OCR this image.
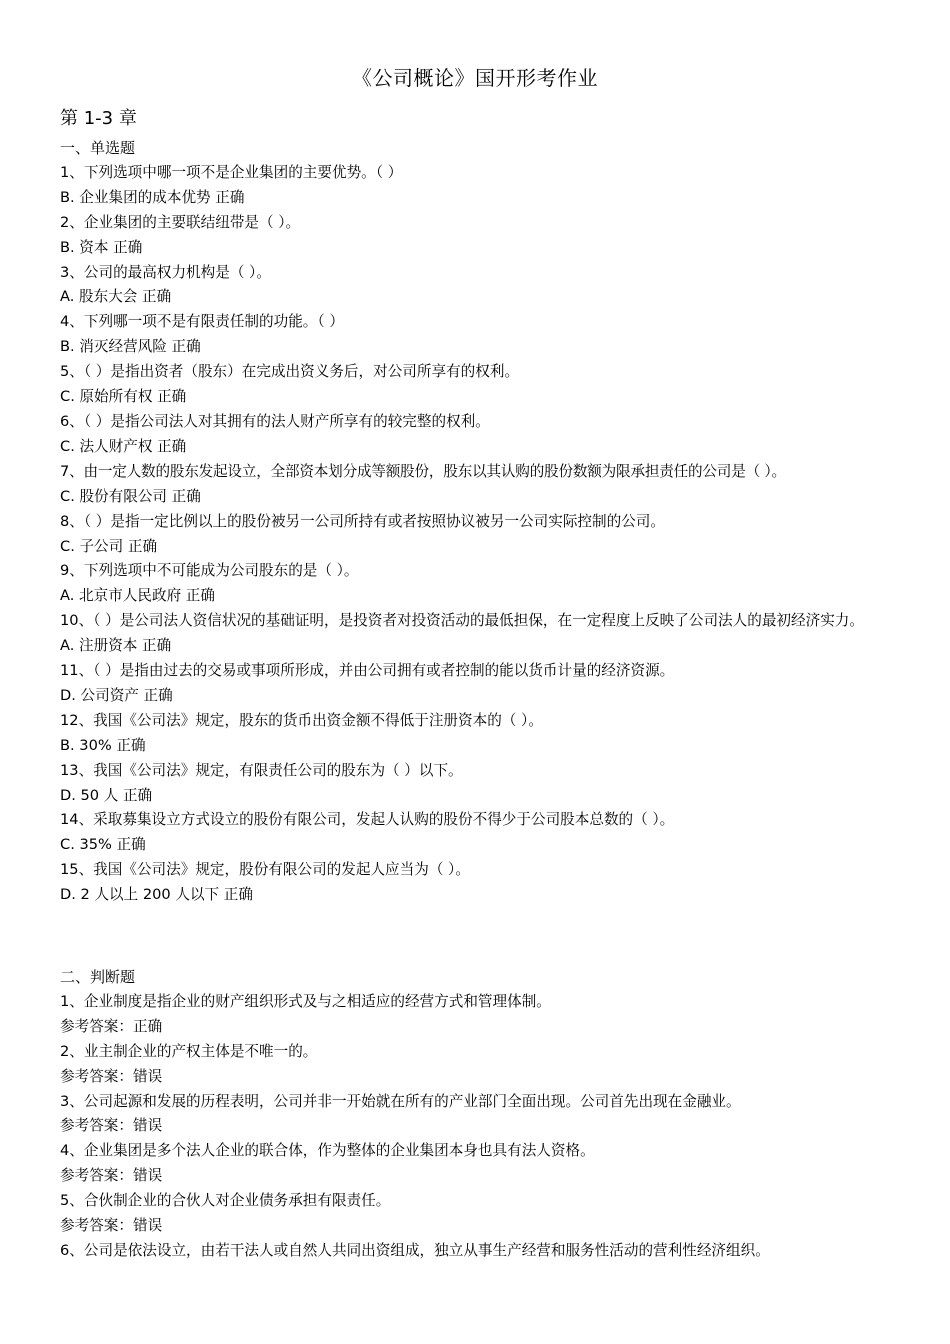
《公司概论》国开形考作业
第 1-3 章
一、单选题
1、下列选项中哪一项不是企业集团的主要优势。（ ）
B. 企业集团的成本优势 正确
2、企业集团的主要联结纽带是（ ）。
B. 资本 正确
3、公司的最高权力机构是（ ）。
A. 股东大会 正确
4、下列哪一项不是有限责任制的功能。（ ）
B. 消灭经营风险 正确
5、（ ）是指出资者（股东）在完成出资义务后，对公司所享有的权利。
C. 原始所有权 正确
6、（ ）是指公司法人对其拥有的法人财产所享有的较完整的权利。
C. 法人财产权 正确
7、由一定人数的股东发起设立，全部资本划分成等额股份，股东以其认购的股份数额为限承担责任的公司是（ ）。
C. 股份有限公司 正确
8、（ ）是指一定比例以上的股份被另一公司所持有或者按照协议被另一公司实际控制的公司。
C. 子公司 正确
9、下列选项中不可能成为公司股东的是（ ）。
A. 北京市人民政府 正确
10、（ ）是公司法人资信状况的基础证明，是投资者对投资活动的最低担保，在一定程度上反映了公司法人的最初经济实力。
A. 注册资本 正确
11、（ ）是指由过去的交易或事项所形成，并由公司拥有或者控制的能以货币计量的经济资源。
D. 公司资产 正确
12、我国《公司法》规定，股东的货币出资金额不得低于注册资本的（ ）。
B. 30% 正确
13、我国《公司法》规定，有限责任公司的股东为（ ）以下。
D. 50 人 正确
14、采取募集设立方式设立的股份有限公司，发起人认购的股份不得少于公司股本总数的（ ）。
C. 35% 正确
15、我国《公司法》规定，股份有限公司的发起人应当为（ ）。
D. 2 人以上 200 人以下 正确
二、判断题
1、企业制度是指企业的财产组织形式及与之相适应的经营方式和管理体制。
参考答案：正确
2、业主制企业的产权主体是不唯一的。
参考答案：错误
3、公司起源和发展的历程表明，公司并非一开始就在所有的产业部门全面出现。公司首先出现在金融业。
参考答案：错误
4、企业集团是多个法人企业的联合体，作为整体的企业集团本身也具有法人资格。
参考答案：错误
5、合伙制企业的合伙人对企业债务承担有限责任。
参考答案：错误
6、公司是依法设立，由若干法人或自然人共同出资组成，独立从事生产经营和服务性活动的营利性经济组织。
